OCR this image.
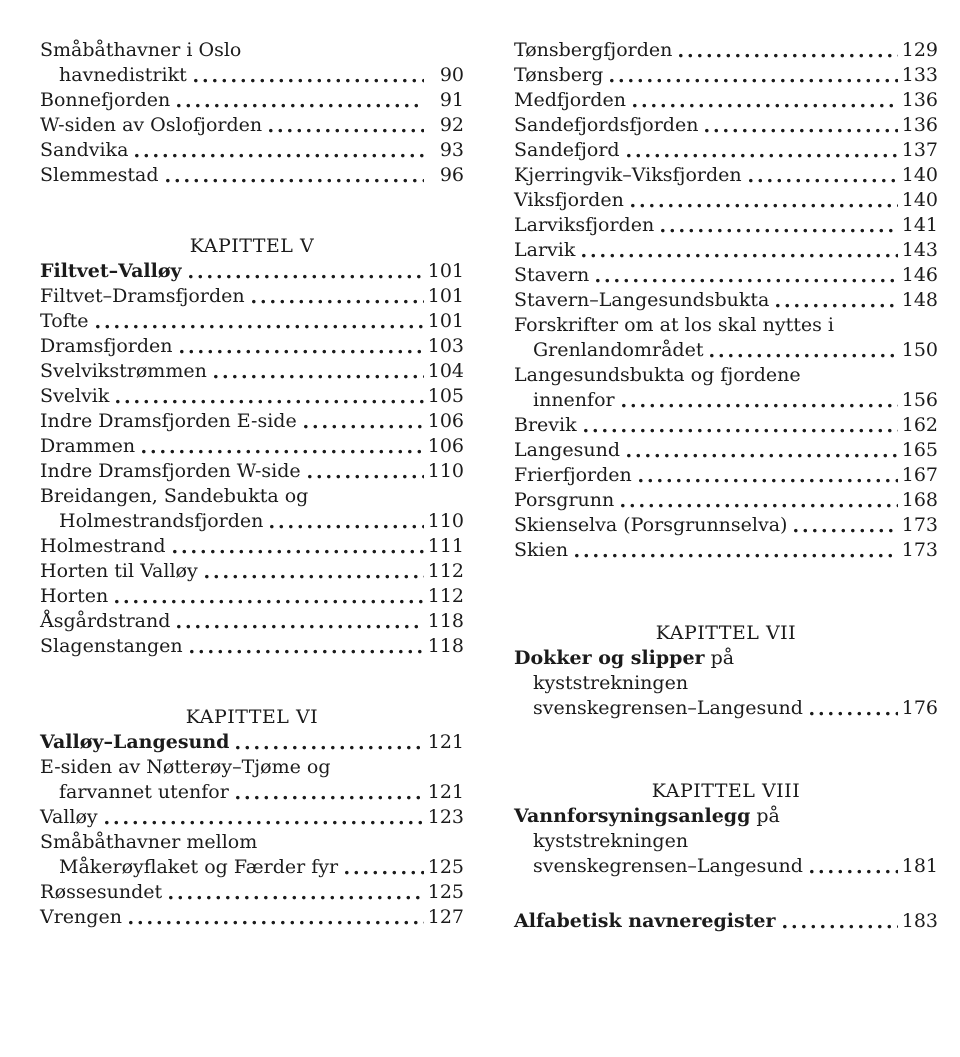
Småbåthavner i Oslo
havnedistrikt	90
Bonnefjorden	91
W-siden av Oslofjorden	92
Sandvika	93
Slemmestad	96
KAPITTEL V
Filtvet–Valløy	101
Filtvet–Dramsfjorden	101
Tofte	101
Dramsfjorden	103
Svelvikstrømmen	104
Svelvik	105
Indre Dramsfjorden E-side	106
Drammen	106
Indre Dramsfjorden W-side	110
Breidangen, Sandebukta og
Holmestrandsfjorden	110
Holmestrand	111
Horten til Valløy	112
Horten	112
Åsgårdstrand	118
Slagenstangen	118
KAPITTEL VI
Valløy–Langesund	121
E-siden av Nøtterøy–Tjøme og
farvannet utenfor	121
Valløy	123
Småbåthavner mellom
Måkerøyflaket og Færder fyr	125
Røssesundet	125
Vrengen	127
Tønsbergfjorden	129
Tønsberg	133
Medfjorden	136
Sandefjordsfjorden	136
Sandefjord	137
Kjerringvik–Viksfjorden	140
Viksfjorden	140
Larviksfjorden	141
Larvik	143
Stavern	146
Stavern–Langesundsbukta	148
Forskrifter om at los skal nyttes i
Grenlandområdet	150
Langesundsbukta og fjordene
innenfor	156
Brevik	162
Langesund	165
Frierfjorden	167
Porsgrunn	168
Skienselva (Porsgrunnselva)	173
Skien	173
KAPITTEL VII
Dokker og slipper på
kyststrekningen
svenskegrensen–Langesund	176
KAPITTEL VIII
Vannforsyningsanlegg på
kyststrekningen
svenskegrensen–Langesund	181
Alfabetisk navneregister	183
